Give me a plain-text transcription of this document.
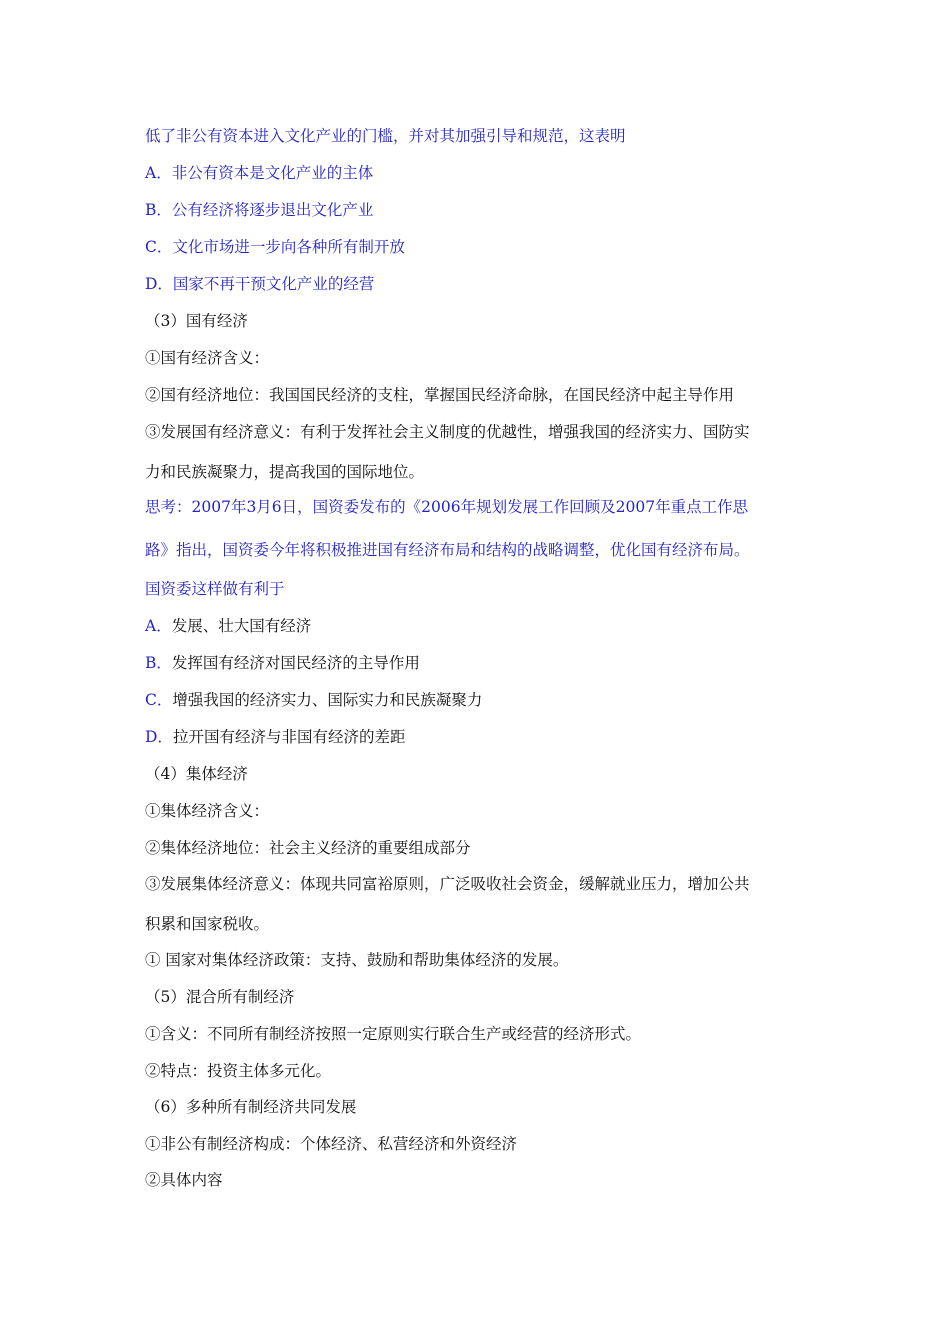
低了非公有资本进入文化产业的门槛，并对其加强引导和规范，这表明
A．非公有资本是文化产业的主体
B．公有经济将逐步退出文化产业
C．文化市场进一步向各种所有制开放
D．国家不再干预文化产业的经营
（3）国有经济
①国有经济含义：
②国有经济地位：我国国民经济的支柱，掌握国民经济命脉，在国民经济中起主导作用
③发展国有经济意义：有利于发挥社会主义制度的优越性，增强我国的经济实力、国防实
力和民族凝聚力，提高我国的国际地位。
思考：2007年3月6日，国资委发布的《2006年规划发展工作回顾及2007年重点工作思
路》指出，国资委今年将积极推进国有经济布局和结构的战略调整，优化国有经济布局。
国资委这样做有利于
A．发展、壮大国有经济
B．发挥国有经济对国民经济的主导作用
C．增强我国的经济实力、国际实力和民族凝聚力
D．拉开国有经济与非国有经济的差距
（4）集体经济
①集体经济含义：
②集体经济地位：社会主义经济的重要组成部分
③发展集体经济意义：体现共同富裕原则，广泛吸收社会资金，缓解就业压力，增加公共
积累和国家税收。
① 国家对集体经济政策：支持、鼓励和帮助集体经济的发展。
（5）混合所有制经济
①含义：不同所有制经济按照一定原则实行联合生产或经营的经济形式。
②特点：投资主体多元化。
（6）多种所有制经济共同发展
①非公有制经济构成：个体经济、私营经济和外资经济
②具体内容
